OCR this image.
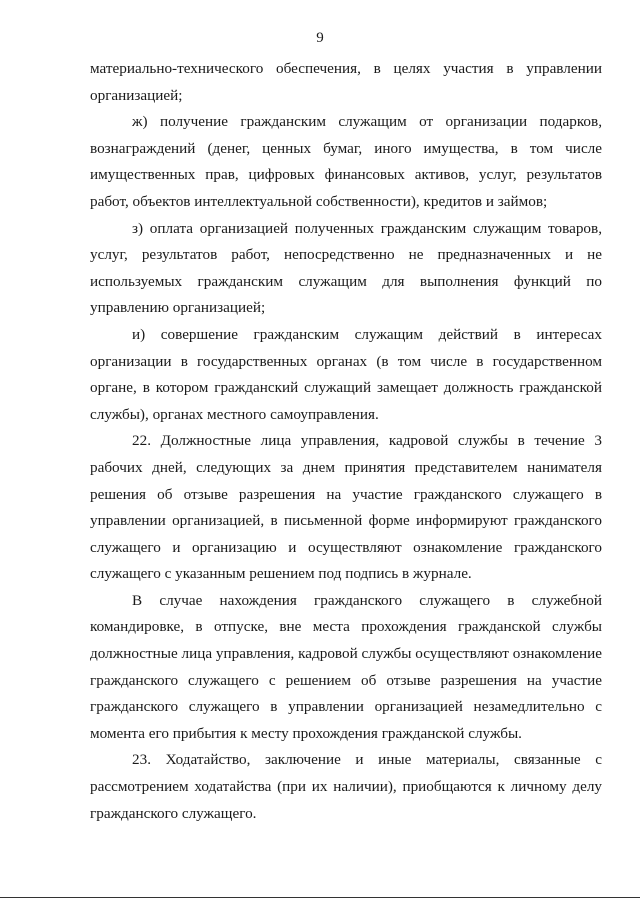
9

материально-технического обеспечения, в целях участия в управлении организацией;

ж) получение гражданским служащим от организации подарков, вознаграждений (денег, ценных бумаг, иного имущества, в том числе имущественных прав, цифровых финансовых активов, услуг, результатов работ, объектов интеллектуальной собственности), кредитов и займов;

з) оплата организацией полученных гражданским служащим товаров, услуг, результатов работ, непосредственно не предназначенных и не используемых гражданским служащим для выполнения функций по управлению организацией;

и) совершение гражданским служащим действий в интересах организации в государственных органах (в том числе в государственном органе, в котором гражданский служащий замещает должность гражданской службы), органах местного самоуправления.

22. Должностные лица управления, кадровой службы в течение 3 рабочих дней, следующих за днем принятия представителем нанимателя решения об отзыве разрешения на участие гражданского служащего в управлении организацией, в письменной форме информируют гражданского служащего и организацию и осуществляют ознакомление гражданского служащего с указанным решением под подпись в журнале.

В случае нахождения гражданского служащего в служебной командировке, в отпуске, вне места прохождения гражданской службы должностные лица управления, кадровой службы осуществляют ознакомление гражданского служащего с решением об отзыве разрешения на участие гражданского служащего в управлении организацией незамедлительно с момента его прибытия к месту прохождения гражданской службы.

23. Ходатайство, заключение и иные материалы, связанные с рассмотрением ходатайства (при их наличии), приобщаются к личному делу гражданского служащего.
